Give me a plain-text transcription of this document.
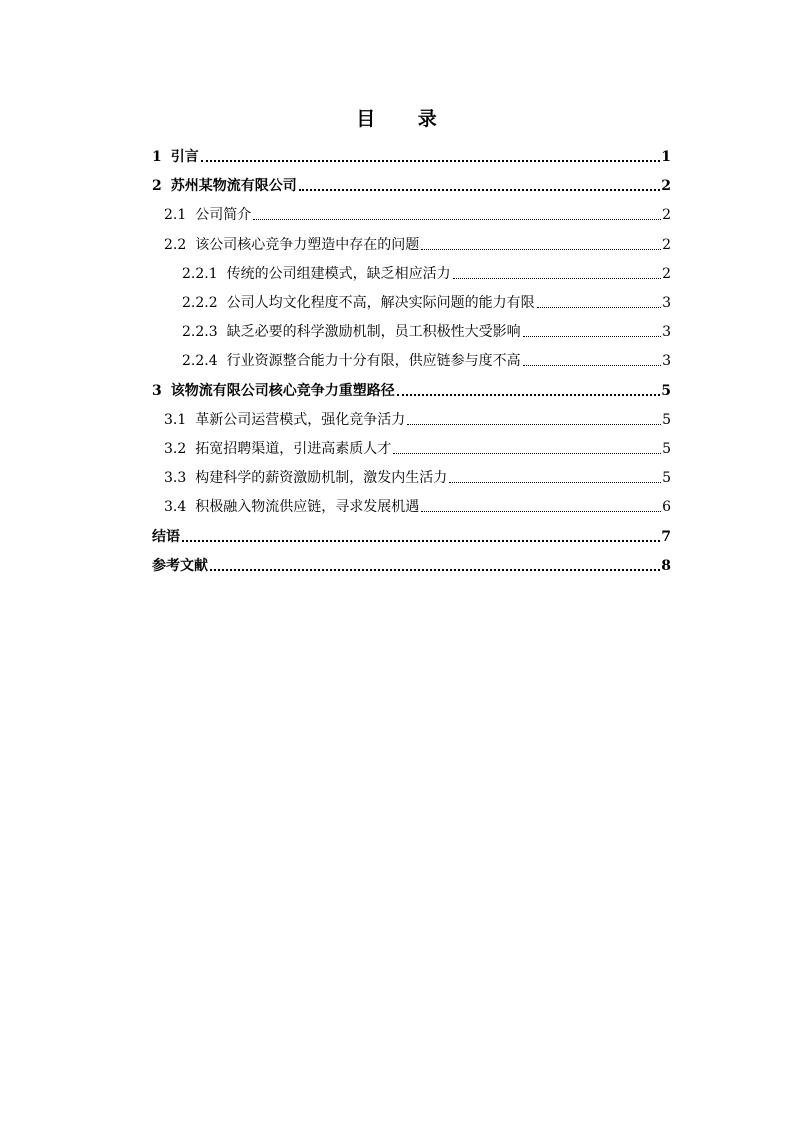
目 录
1 引言	1
2 苏州某物流有限公司	2
2.1 公司简介	2
2.2 该公司核心竞争力塑造中存在的问题	2
2.2.1 传统的公司组建模式，缺乏相应活力	2
2.2.2 公司人均文化程度不高，解决实际问题的能力有限	3
2.2.3 缺乏必要的科学激励机制，员工积极性大受影响	3
2.2.4 行业资源整合能力十分有限，供应链参与度不高	3
3 该物流有限公司核心竞争力重塑路径	5
3.1 革新公司运营模式，强化竞争活力	5
3.2 拓宽招聘渠道，引进高素质人才	5
3.3 构建科学的薪资激励机制，激发内生活力	5
3.4 积极融入物流供应链，寻求发展机遇	6
结语	7
参考文献	8
